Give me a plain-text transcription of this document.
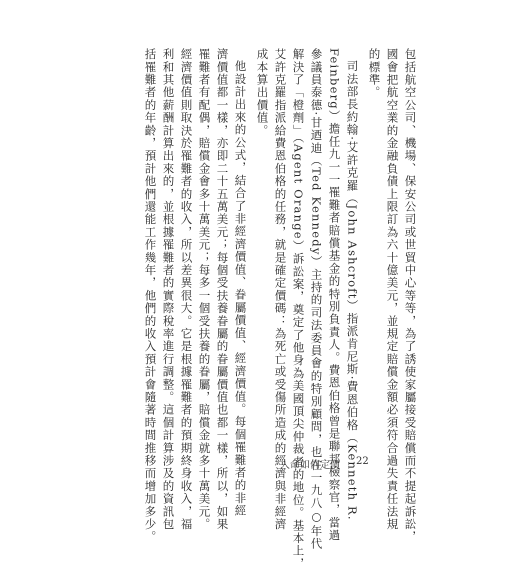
包括航空公司、機場、保安公司或世貿中心等等，為了誘使家屬接受賠償而不提起訴訟，
國會把航空業的金融負債上限訂為六十億美元，並規定賠償金額必須符合過失責任法規
的標準。
司法部長約翰·艾許克羅（John Ashcroft）指派肯尼斯·費恩伯格（Kenneth R.
Feinberg）擔任九一一罹難者賠償基金的特別負責人。費恩伯格曾是聯邦檢察官，當過
參議員泰德·甘迺迪（Ted Kennedy）主持的司法委員會的特別顧問，也在一九八○年代
解決了「橙劑」（Agent Orange）訴訟案，奠定了他身為美國頂尖仲裁者的地位。基本上，
艾許克羅指派給費恩伯格的任務，就是確定價碼：為死亡或受傷所造成的經濟與非經濟
成本算出價值。
他設計出來的公式，結合了非經濟價值、眷屬價值、經濟價值。每個罹難者的非經
濟價值都一樣，亦即二十五萬美元；每個受扶養眷屬的眷屬價值也都一樣，所以，如果
罹難者有配偶，賠償金會多十萬美元；每多一個受扶養的眷屬，賠償金就多十萬美元。
經濟價值則取決於罹難者的收入，所以差異很大。它是根據罹難者的預期終身收入，福
利和其他薪酬計算出來的，並根據罹難者的實際稅率進行調整。這個計算涉及的資訊包
括罹難者的年齡，預計他們還能工作幾年，他們的收入預計會隨著時間推移而增加多少。	人命如何定價 22
